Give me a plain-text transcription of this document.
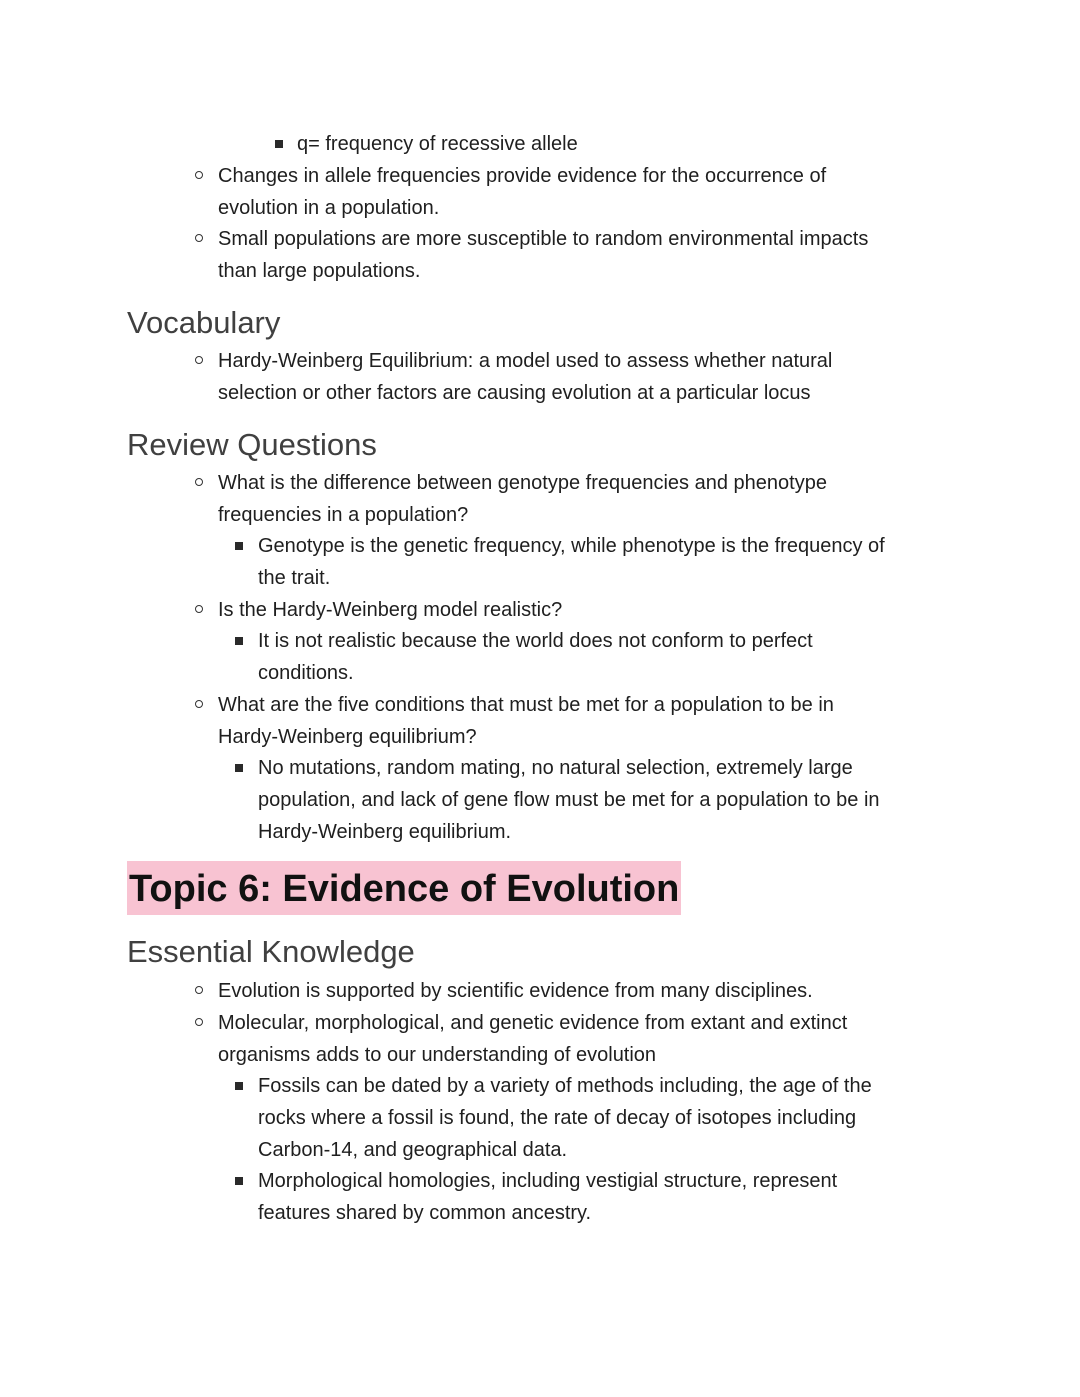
q= frequency of recessive allele
Changes in allele frequencies provide evidence for the occurrence of
evolution in a population.
Small populations are more susceptible to random environmental impacts
than large populations.
Vocabulary
Hardy-Weinberg Equilibrium: a model used to assess whether natural
selection or other factors are causing evolution at a particular locus
Review Questions
What is the difference between genotype frequencies and phenotype
frequencies in a population?
Genotype is the genetic frequency, while phenotype is the frequency of
the trait.
Is the Hardy-Weinberg model realistic?
It is not realistic because the world does not conform to perfect
conditions.
What are the five conditions that must be met for a population to be in
Hardy-Weinberg equilibrium?
No mutations, random mating, no natural selection, extremely large
population, and lack of gene flow must be met for a population to be in
Hardy-Weinberg equilibrium.
Topic 6: Evidence of Evolution
Essential Knowledge
Evolution is supported by scientific evidence from many disciplines.
Molecular, morphological, and genetic evidence from extant and extinct
organisms adds to our understanding of evolution
Fossils can be dated by a variety of methods including, the age of the
rocks where a fossil is found, the rate of decay of isotopes including
Carbon-14, and geographical data.
Morphological homologies, including vestigial structure, represent
features shared by common ancestry.
